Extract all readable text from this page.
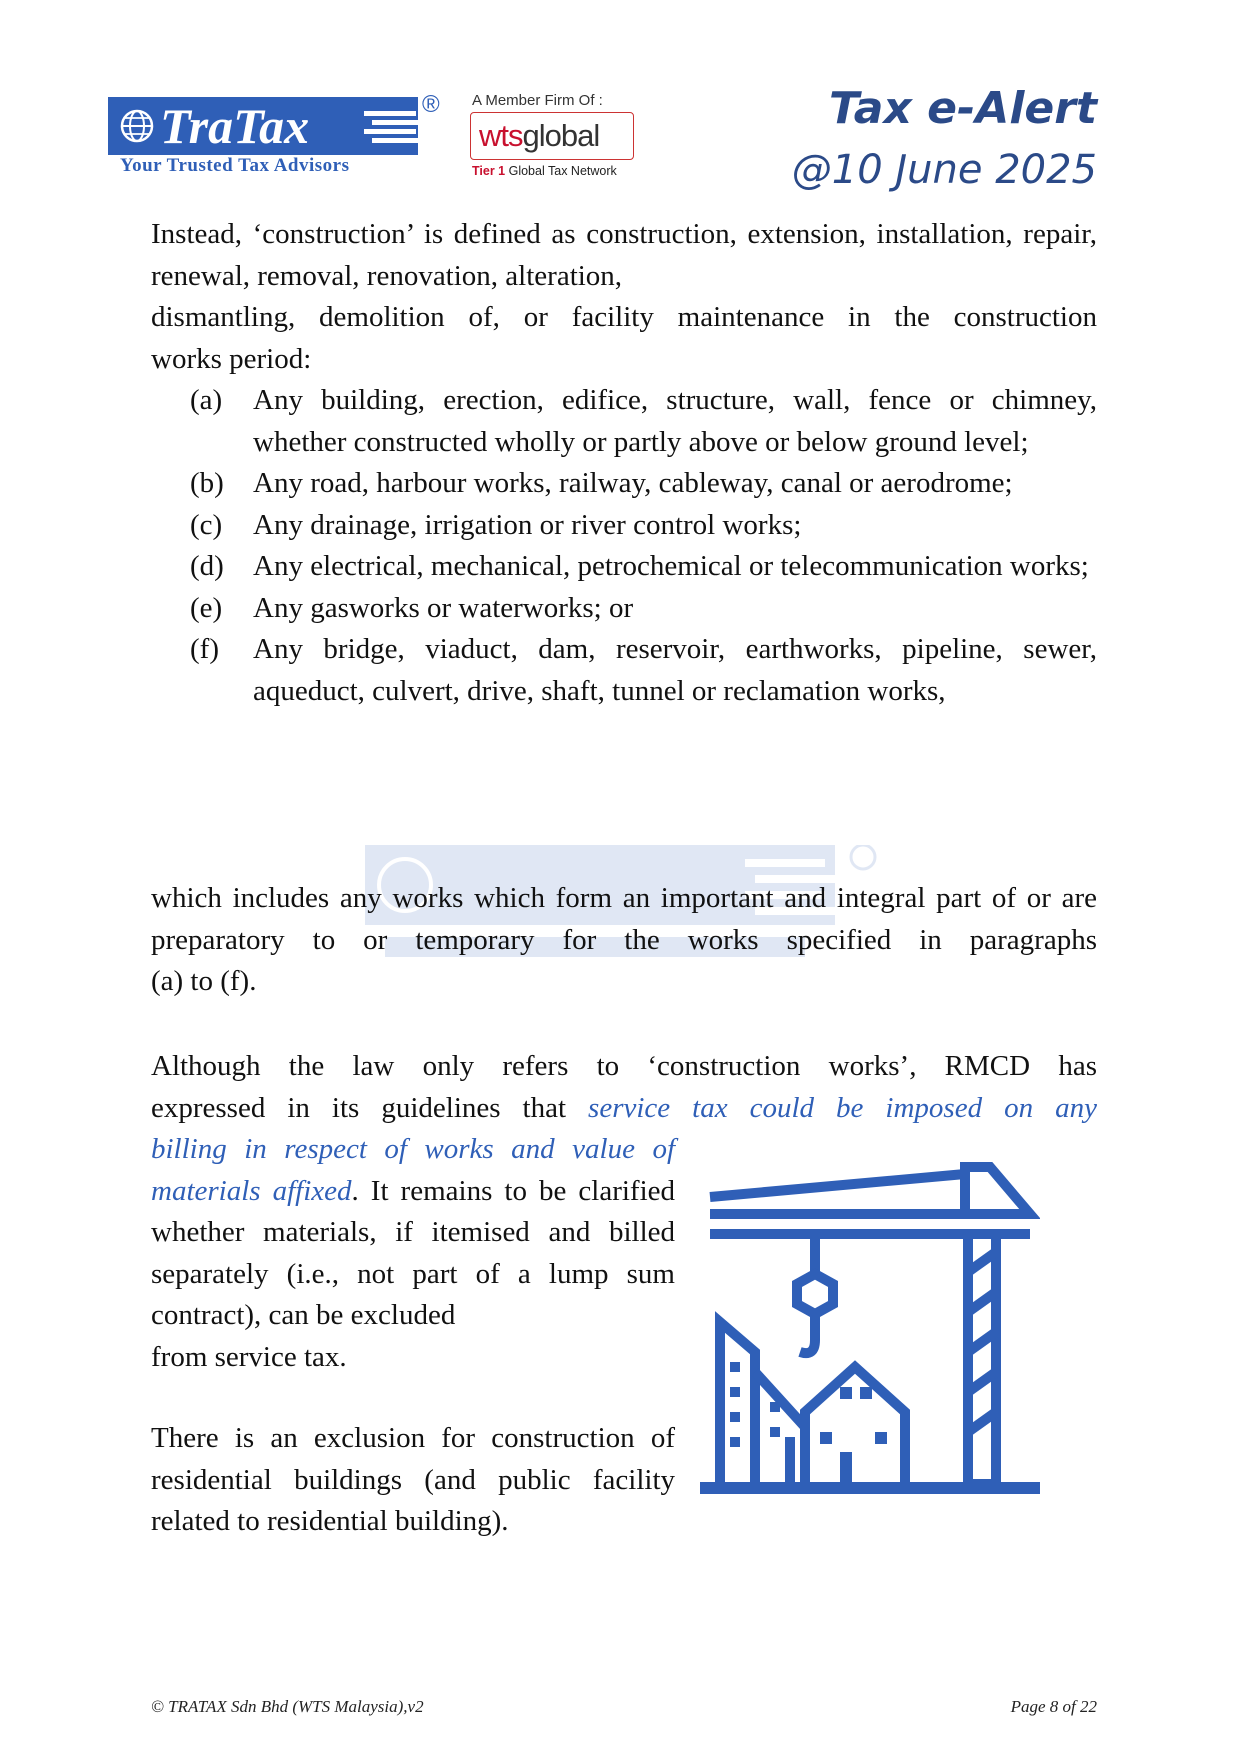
TraTax	®
Your Trusted Tax Advisors
A Member Firm Of :
wtsglobal
Tier 1 Global Tax Network
Tax e-Alert
@10 June 2025
Instead, ‘construction’ is defined as construction, extension, installation, repair, renewal, removal, renovation, alteration,
dismantling, demolition of, or facility maintenance in the construction
works period:
(a)	Any building, erection, edifice, structure, wall, fence or chimney, whether constructed wholly or partly above or below ground level;
(b)	Any road, harbour works, railway, cableway, canal or aerodrome;
(c)	Any drainage, irrigation or river control works;
(d)	Any electrical, mechanical, petrochemical or telecommunication works;
(e)	Any gasworks or waterworks; or
(f)	Any bridge, viaduct, dam, reservoir, earthworks, pipeline, sewer, aqueduct, culvert, drive, shaft, tunnel or reclamation works,
which includes any works which form an important and integral part of or are preparatory to or temporary for the works specified in paragraphs
(a) to (f).
Although the law only refers to ‘construction works’, RMCD has
expressed in its guidelines that service tax could be imposed on any
billing in respect of works and value of
materials affixed. It remains to be clarified whether materials, if itemised and billed separately (i.e., not part of a lump sum contract), can be excluded
from service tax.
There is an exclusion for construction of residential buildings (and public facility related to residential building).
© TRATAX Sdn Bhd (WTS Malaysia),v2	Page 8 of 22
